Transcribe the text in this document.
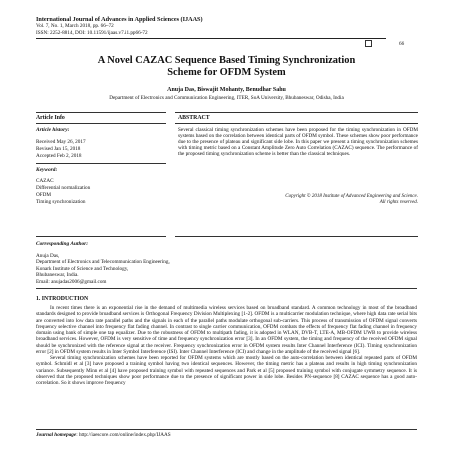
International Journal of Advances in Applied Sciences (IJAAS)
Vol. 7, No. 1, March 2018, pp. 66~72
ISSN: 2252-8814, DOI: 10.11591/ijaas.v7.i1.pp66-72
66
A Novel CAZAC Sequence Based Timing Synchronization
Scheme for OFDM System
Anuja Das, Biswajit Mohanty, Benudhar Sahu
Department of Electronics and Communication Engineering, ITER, SoA University, Bhubaneswar, Odisha, India
Article Info	ABSTRACT
Article history:
Received May 26, 2017
Revised Jan 15, 2018
Accepted Feb 2, 2018
Keyword:
CAZAC
Differential normalization
OFDM
Timing synchronization
Several classical timing synchronization schemes have been proposed for the timing synchronization in OFDM systems based on the correlation between identical parts of OFDM symbol. These schemes show poor performance due to the presence of plateau and significant side lobe. In this paper we present a timing synchronization schemes with timing metric based on a Constant Amplitude Zero Auto Correlation (CAZAC) sequence. The performance of the proposed timing synchronization scheme is better than the classical techniques.
Copyright © 2018 Institute of Advanced Engineering and Science.
All rights reserved.
Corresponding Author:
Anuja Das,
Department of Electronics and Telecommunication Engineering,
Konark Institute of Science and Technology,
Bhubaneswar, India.
Email: anujadas2006@gmail.com
1. INTRODUCTION

In recent times there is an exponential rise in the demand of multimedia wireless services based on broadband standard. A common technology in most of the broadband standards designed to provide broadband services is Orthogonal Frequency Division Multiplexing [1-2]. OFDM is a multicarrier modulation technique, where high data rate serial bits are converted into low data rate parallel paths and the signals in each of the parallel paths modulate orthogonal sub-carriers. This process of transmission of OFDM signal converts frequency selective channel into frequency flat fading channel. In contrast to single carrier communication, OFDM combats the effects of frequency flat fading channel in frequency domain using bank of simple one tap equalizer. Due to the robustness of OFDM to multipath fading, it is adopted in WLAN, DVB-T, LTE-A, MB-OFDM UWB to provide wireless broadband services. However, OFDM is very sensitive of time and frequency synchronization error [3]. In an OFDM system, the timing and frequency of the received OFDM signal should be synchronized with the reference signal at the receiver. Frequency synchronization error in OFDM system results Inter Channel Interference (ICI). Timing synchronization error [2] in OFDM system results in Inter Symbol Interference (ISI). Inter Channel Interference (ICI) and change in the amplitude of the received signal [6].

Several timing synchronization schemes have been reported for OFDM systems which are mostly based on the auto-correlation between identical repeated parts of OFDM symbol. Schmidl et al [3] have proposed a training symbol having two identical sequences. However, the timing metric has a plateau and results in high timing synchronization variance. Subsequently Minn et al [4] have proposed training symbol with repeated sequences and Park et al [5] proposed training symbol with conjugate symmetry sequence. It is observed that the proposed techniques show poor performance due to the presence of significant power in side lobe. Besides PN-sequence [8] CAZAC sequence has a good auto-correlation. So it shows improve frequency

Journal homepage: http://iaescore.com/online/index.php/IJAAS
